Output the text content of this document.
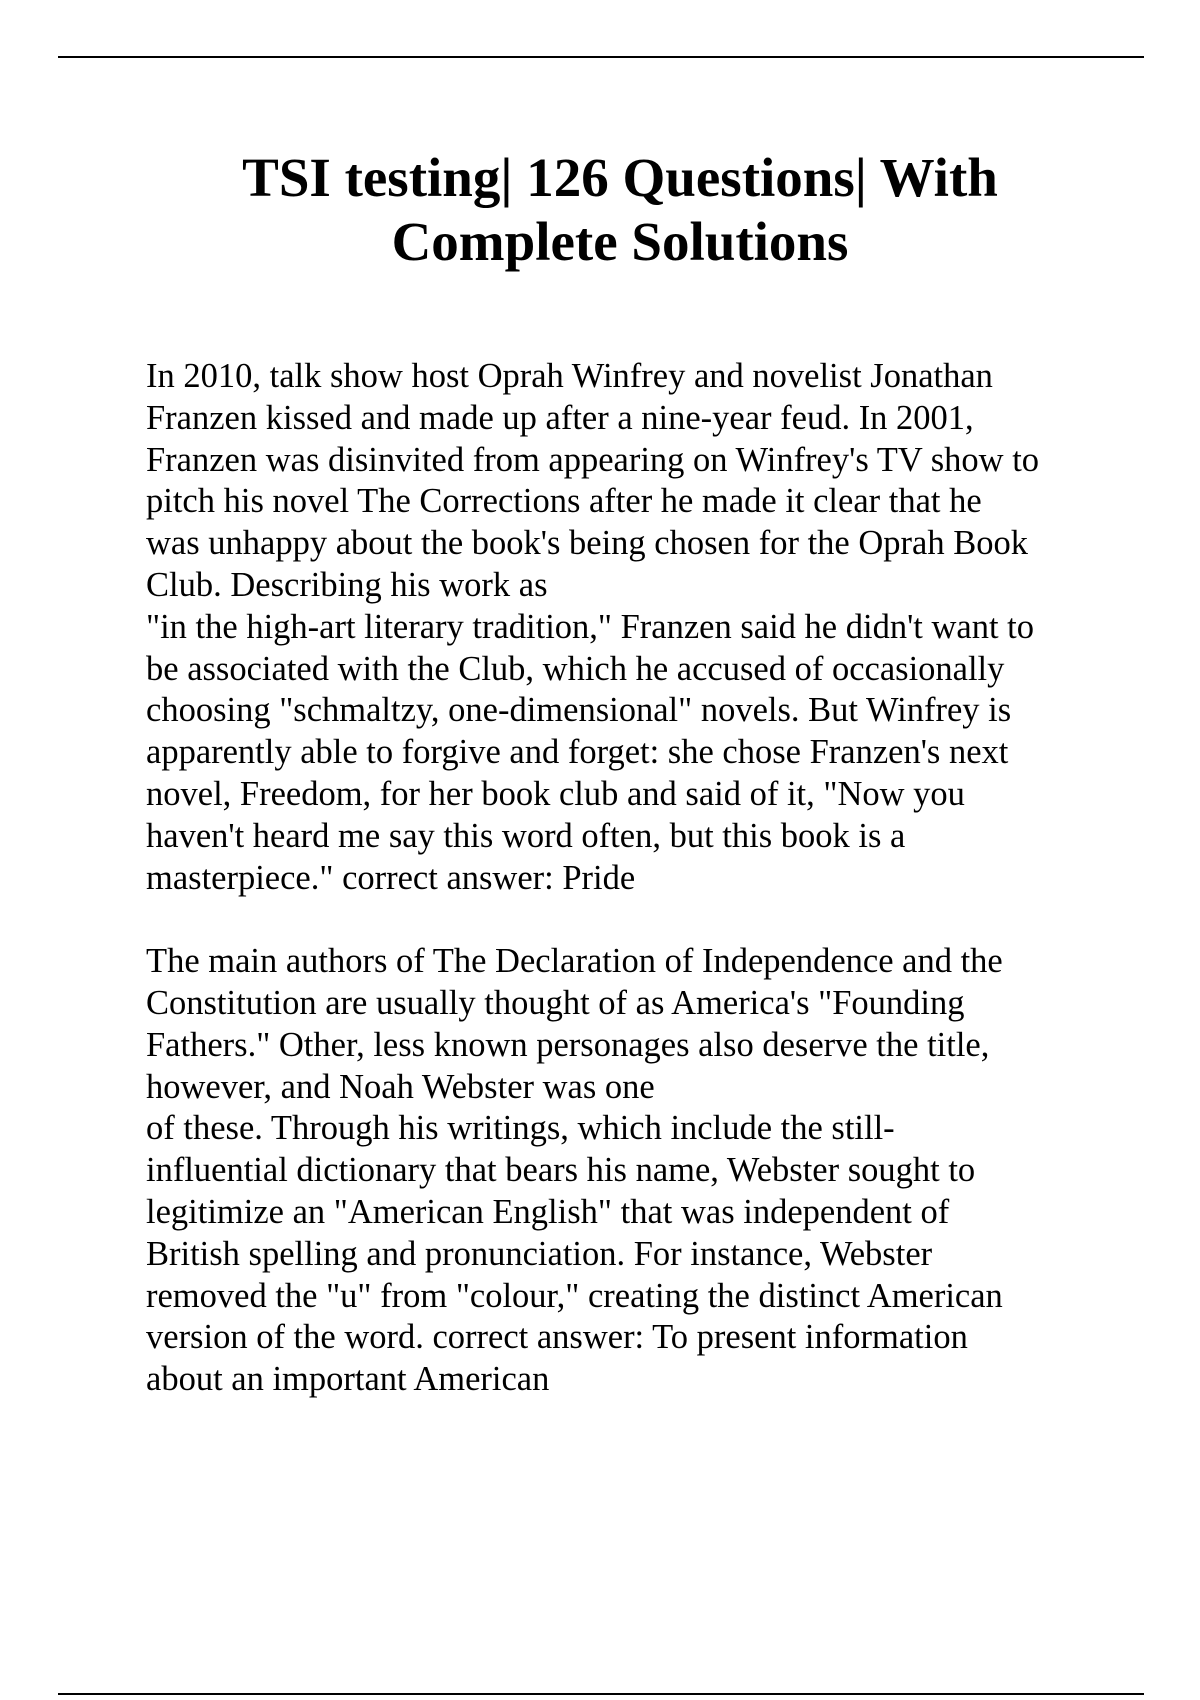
TSI testing| 126 Questions| With
Complete Solutions

In 2010, talk show host Oprah Winfrey and novelist Jonathan
Franzen kissed and made up after a nine-year feud. In 2001,
Franzen was disinvited from appearing on Winfrey's TV show to
pitch his novel The Corrections after he made it clear that he
was unhappy about the book's being chosen for the Oprah Book
Club. Describing his work as
"in the high-art literary tradition," Franzen said he didn't want to
be associated with the Club, which he accused of occasionally
choosing "schmaltzy, one-dimensional" novels. But Winfrey is
apparently able to forgive and forget: she chose Franzen's next
novel, Freedom, for her book club and said of it, "Now you
haven't heard me say this word often, but this book is a
masterpiece." correct answer: Pride

The main authors of The Declaration of Independence and the
Constitution are usually thought of as America's "Founding
Fathers." Other, less known personages also deserve the title,
however, and Noah Webster was one
of these. Through his writings, which include the still-
influential dictionary that bears his name, Webster sought to
legitimize an "American English" that was independent of
British spelling and pronunciation. For instance, Webster
removed the "u" from "colour," creating the distinct American
version of the word. correct answer: To present information
about an important American
